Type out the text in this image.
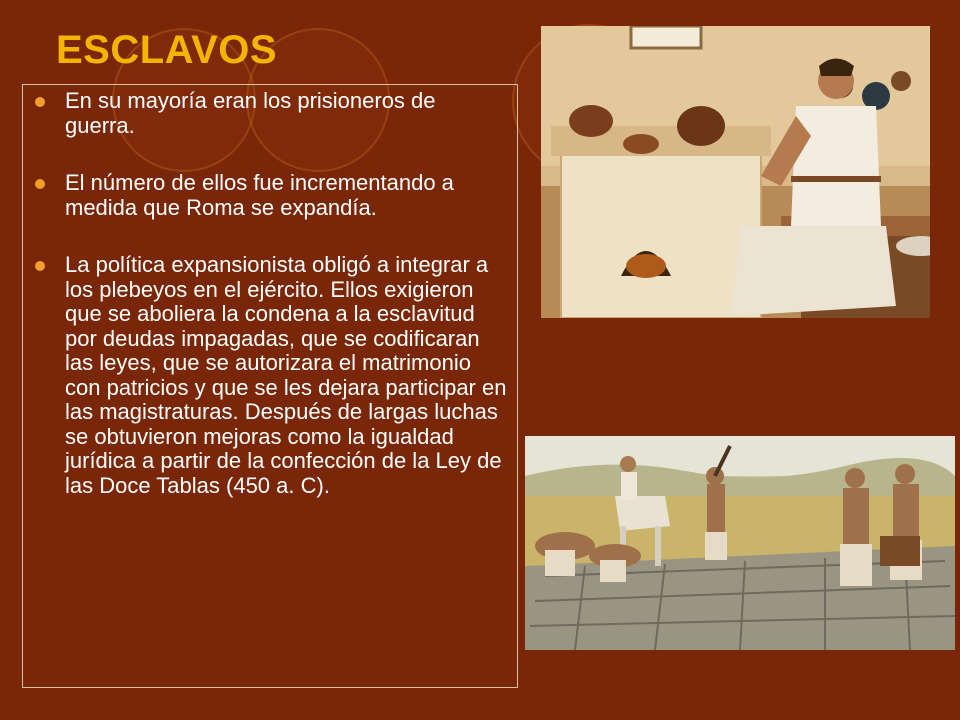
ESCLAVOS
En su mayoría eran los prisioneros de guerra.
El número de ellos fue incrementando a medida que Roma se expandía.
La política expansionista obligó a integrar a los plebeyos en el ejército. Ellos exigieron que se aboliera la condena a la esclavitud por deudas impagadas, que se codificaran las leyes, que se autorizara el matrimonio con patricios y que se les dejara participar en las magistraturas. Después de largas luchas se obtuvieron mejoras como la igualdad jurídica a partir de la confección de la Ley de las Doce Tablas (450 a. C).
